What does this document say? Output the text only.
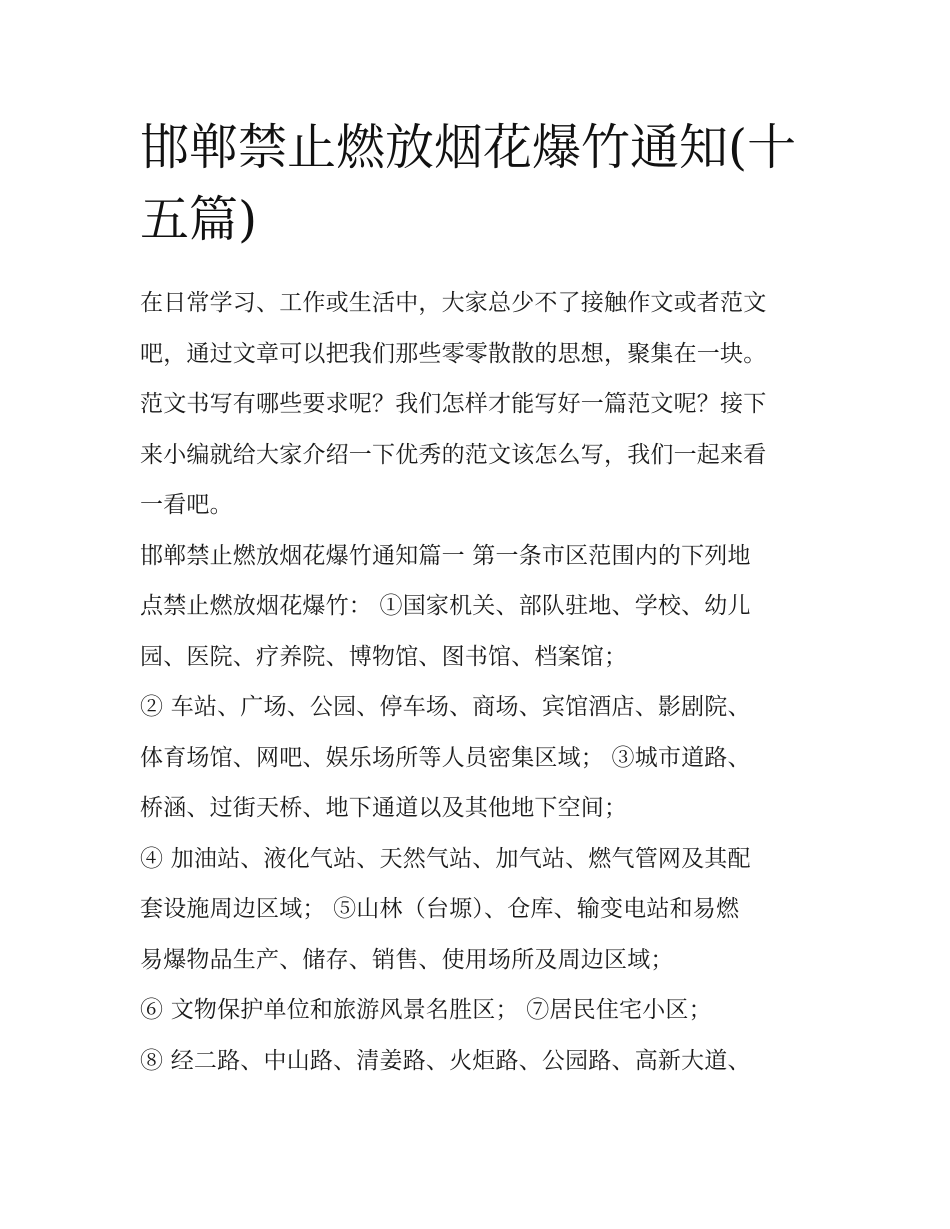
邯郸禁止燃放烟花爆竹通知(十
五篇)
在日常学习、工作或生活中，大家总少不了接触作文或者范文
吧，通过文章可以把我们那些零零散散的思想，聚集在一块。
范文书写有哪些要求呢？我们怎样才能写好一篇范文呢？接下
来小编就给大家介绍一下优秀的范文该怎么写，我们一起来看
一看吧。
邯郸禁止燃放烟花爆竹通知篇一 第一条市区范围内的下列地
点禁止燃放烟花爆竹： ①国家机关、部队驻地、学校、幼儿
园、医院、疗养院、博物馆、图书馆、档案馆；
② 车站、广场、公园、停车场、商场、宾馆酒店、影剧院、
体育场馆、网吧、娱乐场所等人员密集区域； ③城市道路、
桥涵、过街天桥、地下通道以及其他地下空间；
④ 加油站、液化气站、天然气站、加气站、燃气管网及其配
套设施周边区域； ⑤山林（台塬）、仓库、输变电站和易燃
易爆物品生产、储存、销售、使用场所及周边区域；
⑥ 文物保护单位和旅游风景名胜区； ⑦居民住宅小区；
⑧ 经二路、中山路、清姜路、火炬路、公园路、高新大道、
